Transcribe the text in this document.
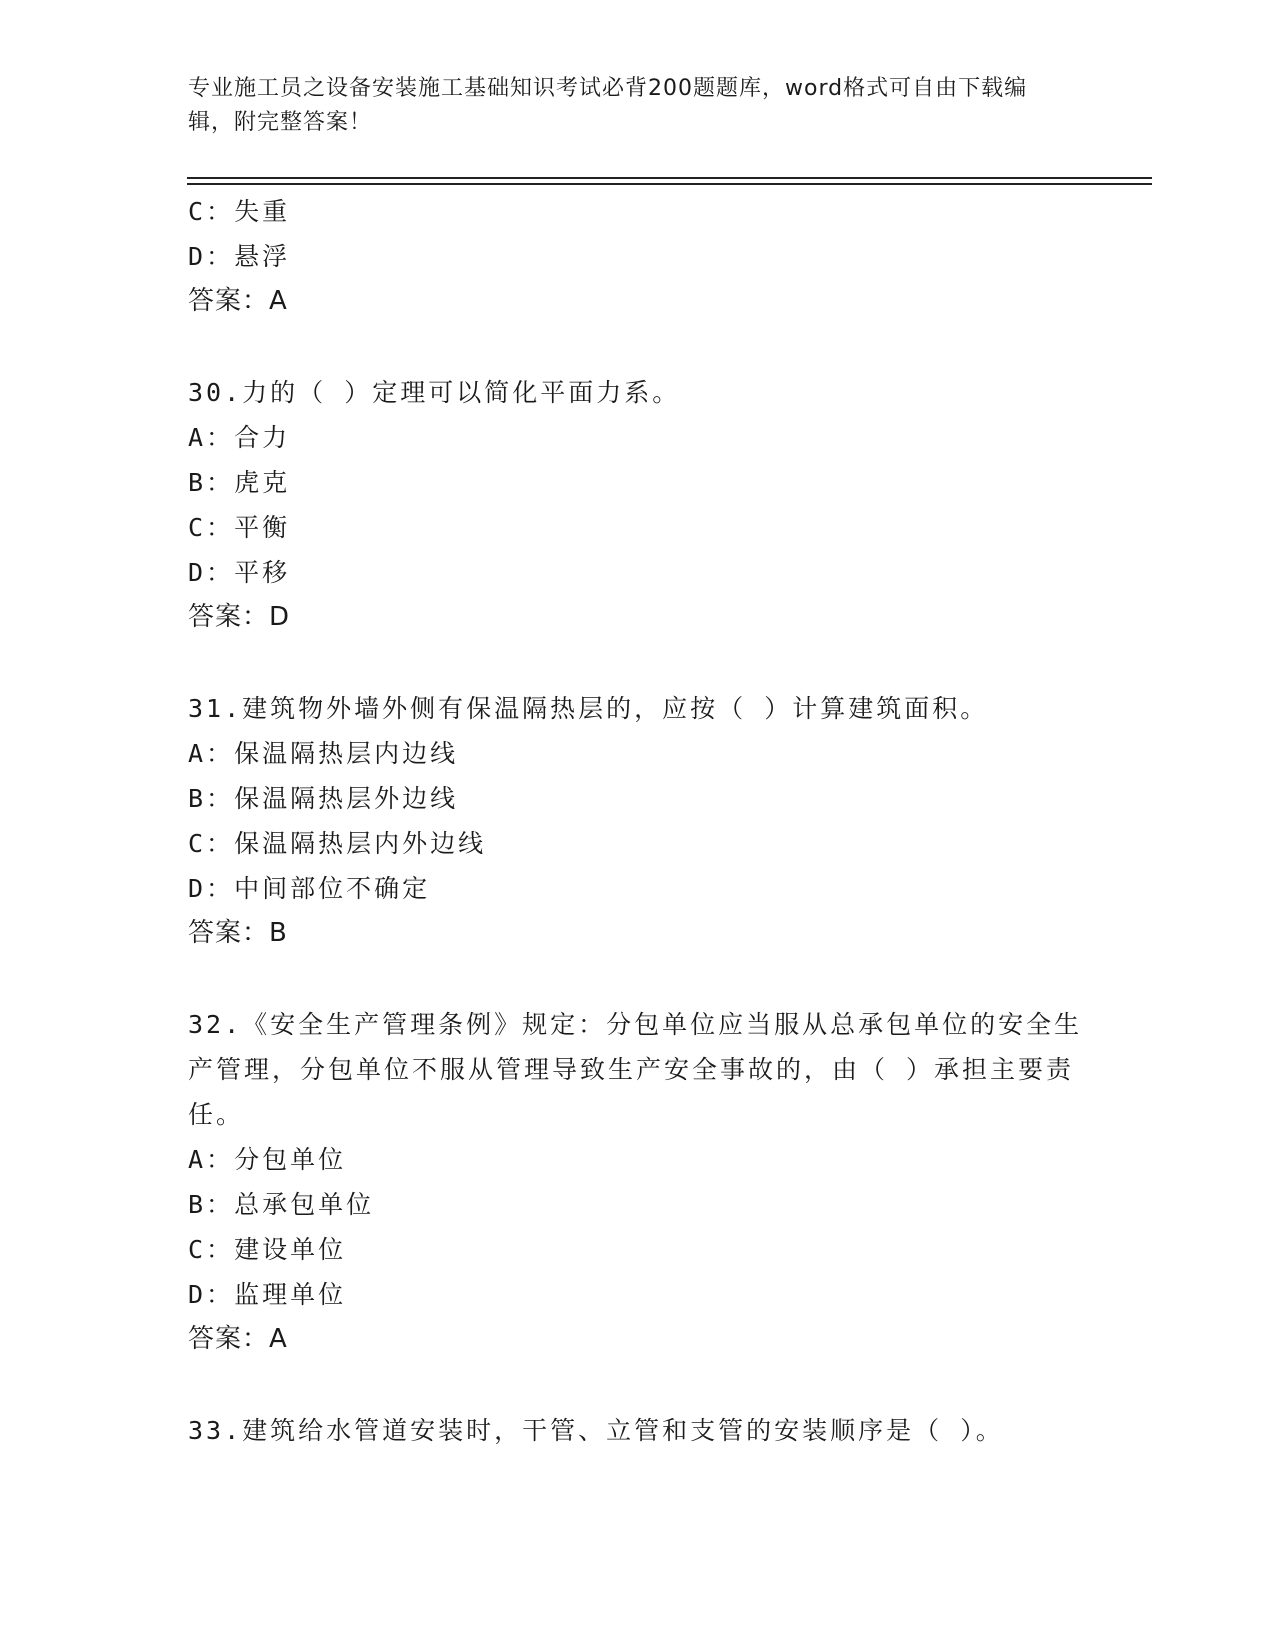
专业施工员之设备安装施工基础知识考试必背200题题库，word格式可自由下载编辑，附完整答案！
C：失重
D：悬浮
答案：A
30.力的（ ）定理可以简化平面力系。
A：合力
B：虎克
C：平衡
D：平移
答案：D
31.建筑物外墙外侧有保温隔热层的，应按（ ）计算建筑面积。
A：保温隔热层内边线
B：保温隔热层外边线
C：保温隔热层内外边线
D：中间部位不确定
答案：B
32.《安全生产管理条例》规定：分包单位应当服从总承包单位的安全生产管理，分包单位不服从管理导致生产安全事故的，由（ ）承担主要责任。
A：分包单位
B：总承包单位
C：建设单位
D：监理单位
答案：A
33.建筑给水管道安装时，干管、立管和支管的安装顺序是（ ）。
